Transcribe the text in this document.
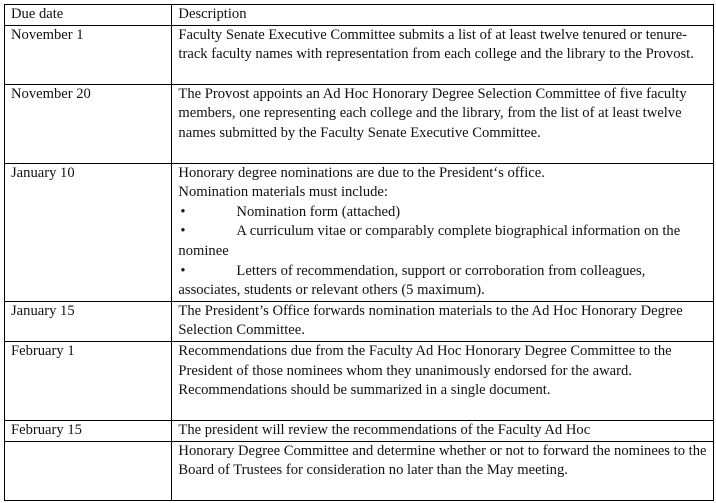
Due date	Description
November 1	Faculty Senate Executive Committee submits a list of at least twelve tenured or tenure-track faculty names with representation from each college and the library to the Provost.
November 20	The Provost appoints an Ad Hoc Honorary Degree Selection Committee of five faculty members, one representing each college and the library, from the list of at least twelve names submitted by the Faculty Senate Executive Committee.
January 10	Honorary degree nominations are due to the President‘s office.
Nomination materials must include:
• Nomination form (attached)
• A curriculum vitae or comparably complete biographical information on the nominee
• Letters of recommendation, support or corroboration from colleagues, associates, students or relevant others (5 maximum).

January 15	The President’s Office forwards nomination materials to the Ad Hoc Honorary Degree Selection Committee.
February 1	Recommendations due from the Faculty Ad Hoc Honorary Degree Committee to the President of those nominees whom they unanimously endorsed for the award. Recommendations should be summarized in a single document.
February 15	The president will review the recommendations of the Faculty Ad Hoc
	Honorary Degree Committee and determine whether or not to forward the nominees to the Board of Trustees for consideration no later than the May meeting.
